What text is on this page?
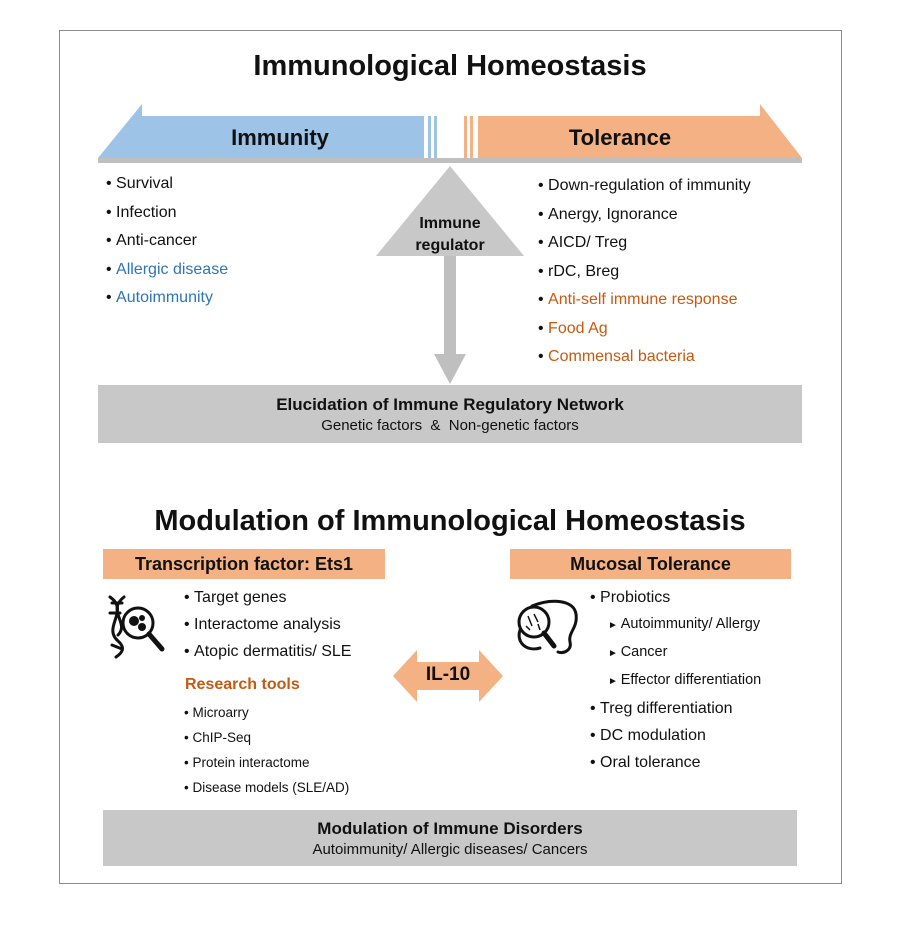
Immunological Homeostasis
Immunity	Tolerance
Immune
regulator
• Survival
• Infection
• Anti-cancer
• Allergic disease
• Autoimmunity
• Down-regulation of immunity
• Anergy, Ignorance
• AICD/ Treg
• rDC, Breg
• Anti-self immune response
• Food Ag
• Commensal bacteria
Elucidation of Immune Regulatory Network
Genetic factors  &  Non-genetic factors
Modulation of Immunological Homeostasis
Transcription factor: Ets1	Mucosal Tolerance
• Target genes
• Interactome analysis
• Atopic dermatitis/ SLE
Research tools
• Microarry
• ChIP-Seq
• Protein interactome
• Disease models (SLE/AD)
IL-10
• Probiotics
► Autoimmunity/ Allergy
► Cancer
► Effector differentiation
• Treg differentiation
• DC modulation
• Oral tolerance
Modulation of Immune Disorders
Autoimmunity/ Allergic diseases/ Cancers
